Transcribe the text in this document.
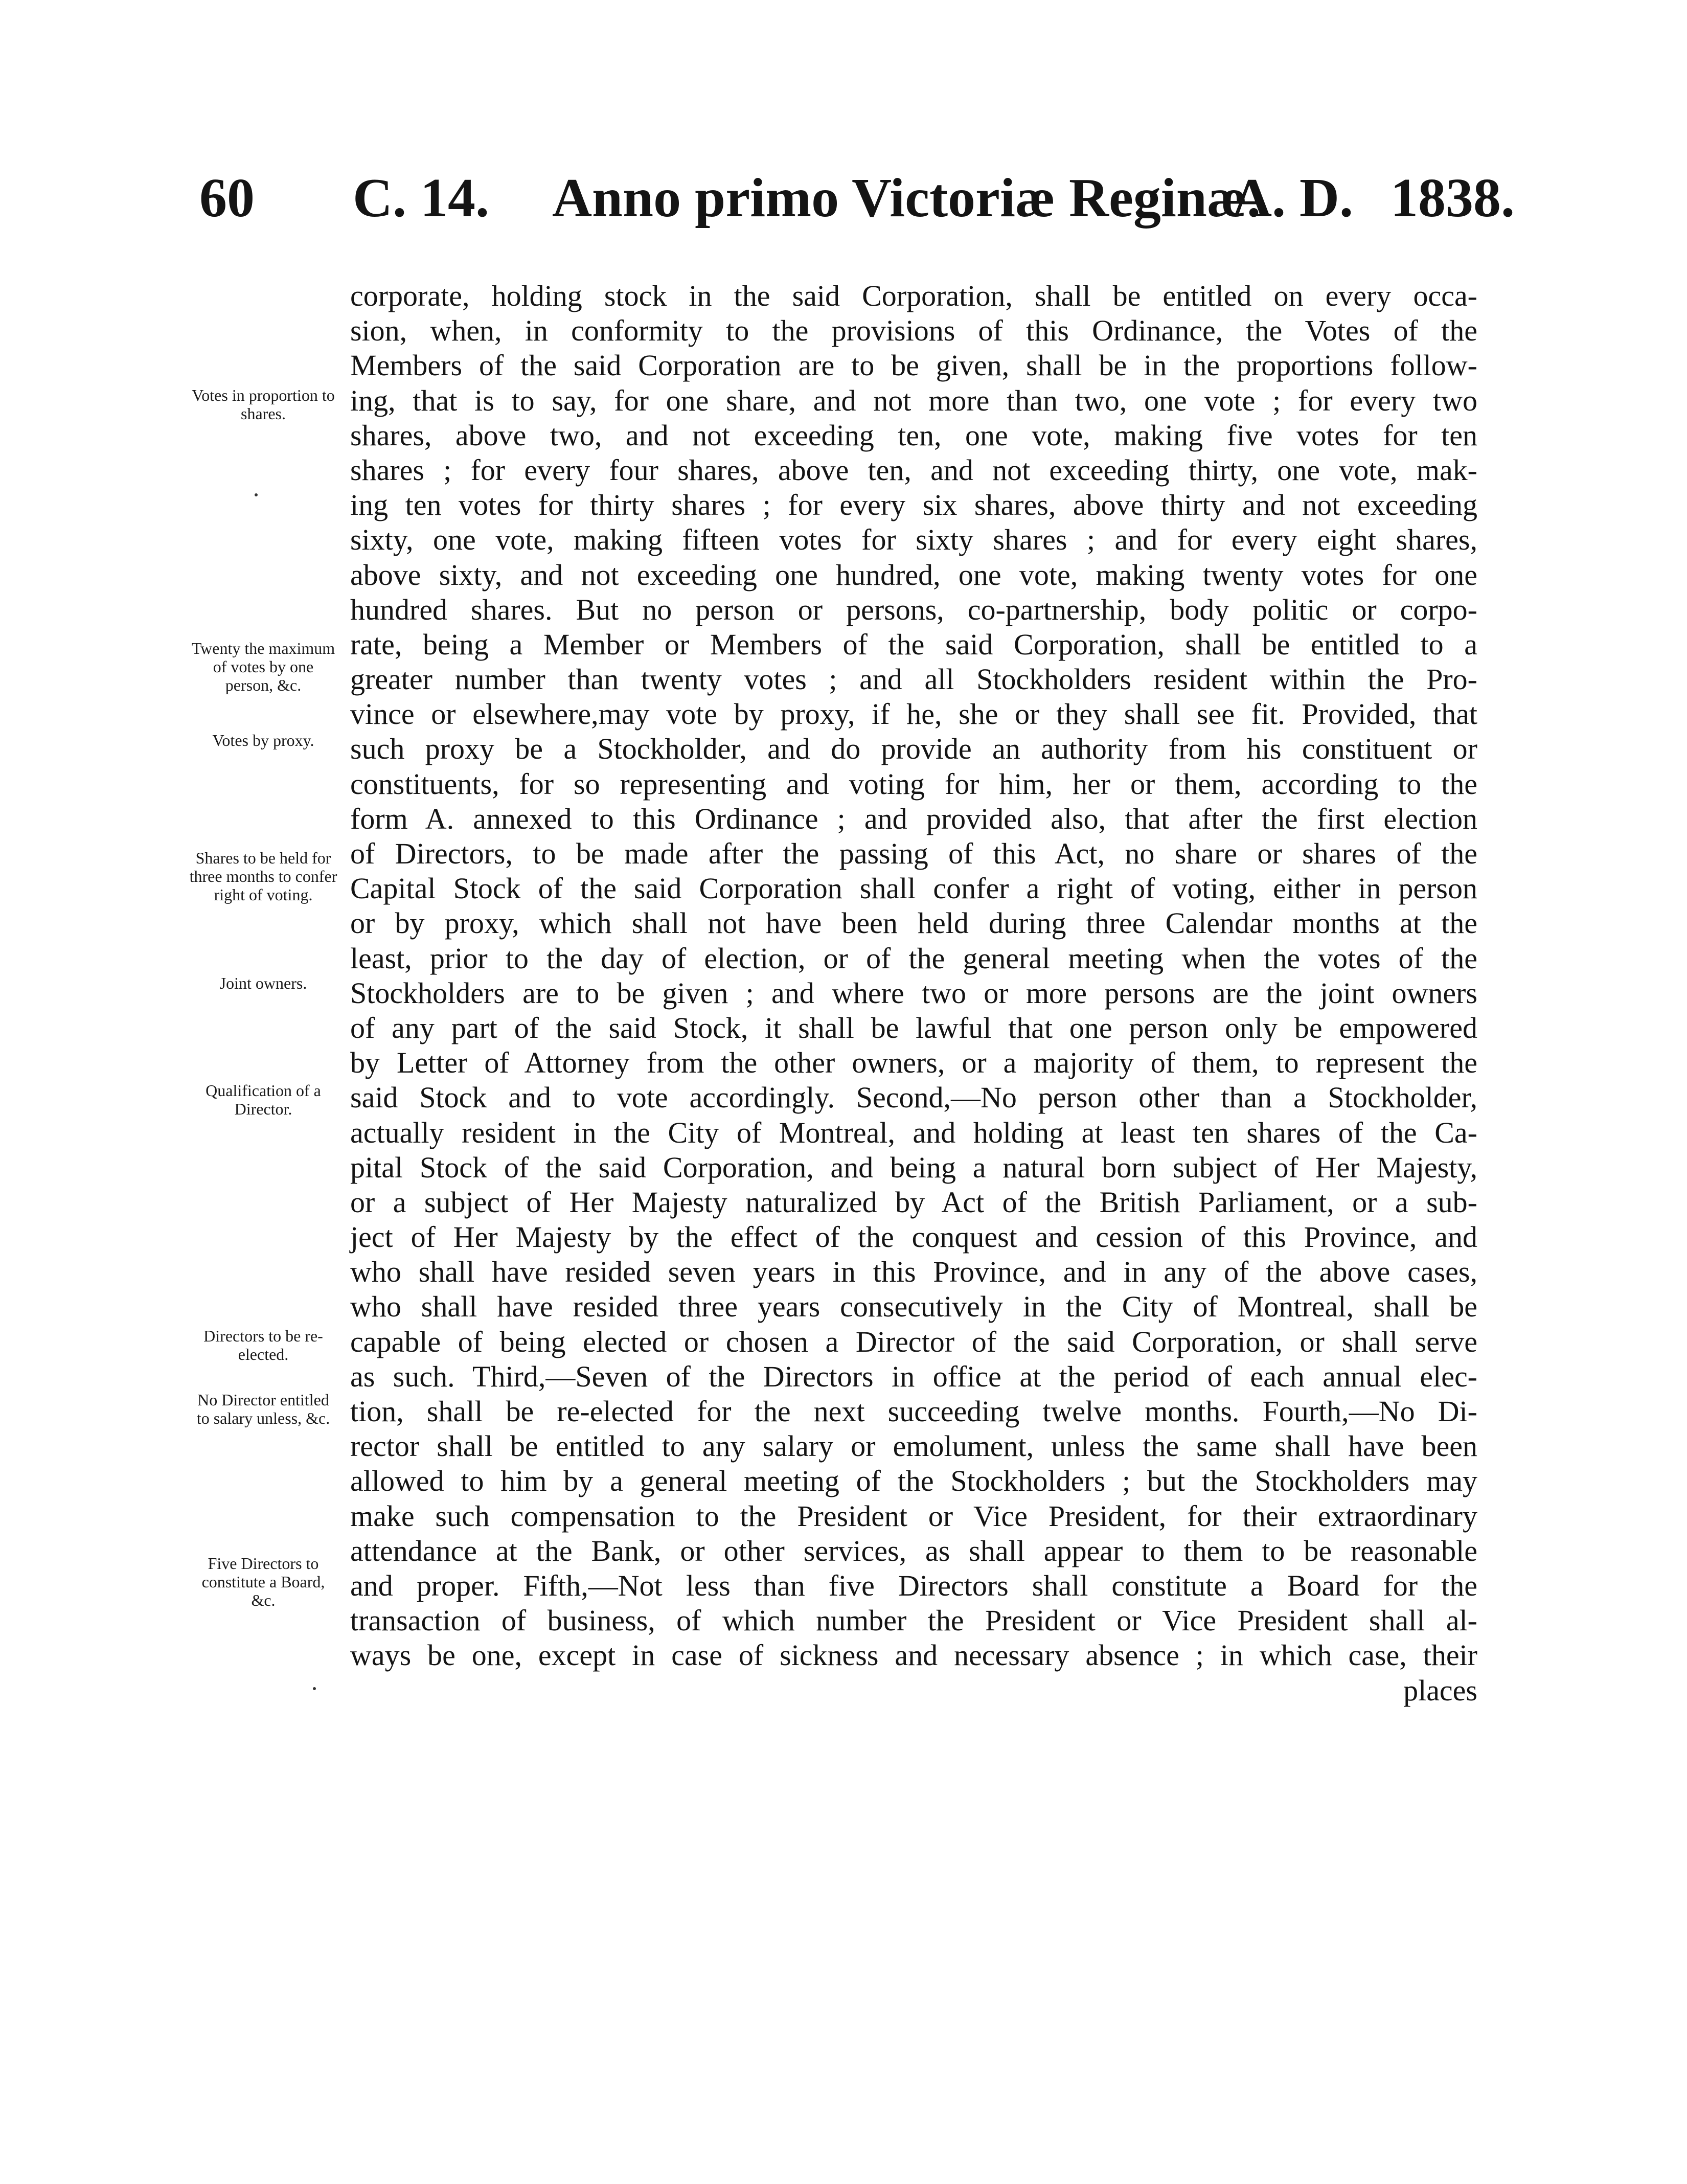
60 C. 14. Anno primo Victoriæ Reginæ.
A. D. 1838.
Votes in proportion to shares.
Twenty the maximum of votes by one person, &c.
Votes by proxy.
Shares to be held for three months to confer right of voting.
Joint owners.
Qualification of a Director.
Directors to be re-elected.
No Director entitled to salary unless, &c.
Five Directors to constitute a Board, &c.
corporate, holding stock in the said Corporation, shall be entitled on every occa-
sion, when, in conformity to the provisions of this Ordinance, the Votes of the
Members of the said Corporation are to be given, shall be in the proportions follow-
ing, that is to say, for one share, and not more than two, one vote ; for every two
shares, above two, and not exceeding ten, one vote, making five votes for ten
shares ; for every four shares, above ten, and not exceeding thirty, one vote, mak-
ing ten votes for thirty shares ; for every six shares, above thirty and not exceeding
sixty, one vote, making fifteen votes for sixty shares ; and for every eight shares,
above sixty, and not exceeding one hundred, one vote, making twenty votes for one
hundred shares. But no person or persons, co-partnership, body politic or corpo-
rate, being a Member or Members of the said Corporation, shall be entitled to a
greater number than twenty votes ; and all Stockholders resident within the Pro-
vince or elsewhere,may vote by proxy, if he, she or they shall see fit. Provided, that
such proxy be a Stockholder, and do provide an authority from his constituent or
constituents, for so representing and voting for him, her or them, according to the
form A. annexed to this Ordinance ; and provided also, that after the first election
of Directors, to be made after the passing of this Act, no share or shares of the
Capital Stock of the said Corporation shall confer a right of voting, either in person
or by proxy, which shall not have been held during three Calendar months at the
least, prior to the day of election, or of the general meeting when the votes of the
Stockholders are to be given ; and where two or more persons are the joint owners
of any part of the said Stock, it shall be lawful that one person only be empowered
by Letter of Attorney from the other owners, or a majority of them, to represent the
said Stock and to vote accordingly. Second,—No person other than a Stockholder,
actually resident in the City of Montreal, and holding at least ten shares of the Ca-
pital Stock of the said Corporation, and being a natural born subject of Her Majesty,
or a subject of Her Majesty naturalized by Act of the British Parliament, or a sub-
ject of Her Majesty by the effect of the conquest and cession of this Province, and
who shall have resided seven years in this Province, and in any of the above cases,
who shall have resided three years consecutively in the City of Montreal, shall be
capable of being elected or chosen a Director of the said Corporation, or shall serve
as such. Third,—Seven of the Directors in office at the period of each annual elec-
tion, shall be re-elected for the next succeeding twelve months. Fourth,—No Di-
rector shall be entitled to any salary or emolument, unless the same shall have been
allowed to him by a general meeting of the Stockholders ; but the Stockholders may
make such compensation to the President or Vice President, for their extraordinary
attendance at the Bank, or other services, as shall appear to them to be reasonable
and proper. Fifth,—Not less than five Directors shall constitute a Board for the
transaction of business, of which number the President or Vice President shall al-
ways be one, except in case of sickness and necessary absence ; in which case, their
places
